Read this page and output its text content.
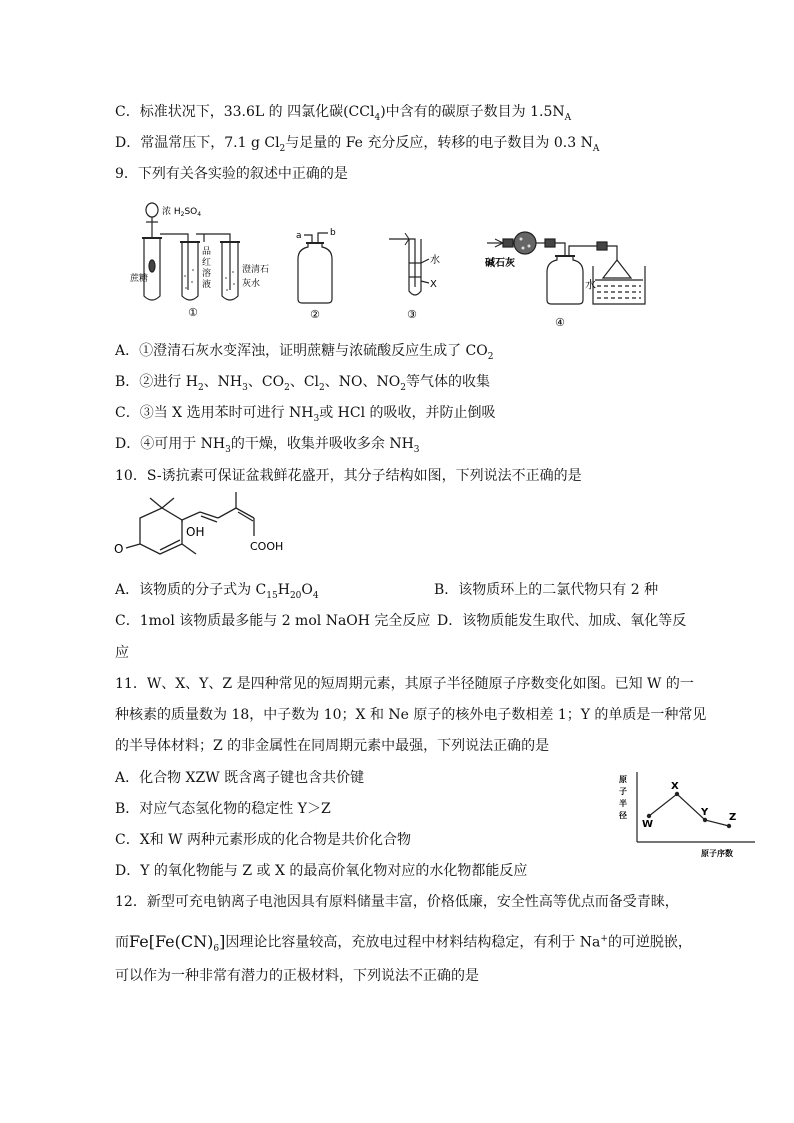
C．标准状况下，33.6L 的 四氯化碳(CCl$_4$)中含有的碳原子数目为 $1.5N_A$
D．常温常压下，7.1 g $Cl_2$与足量的 Fe 充分反应，转移的电子数目为 0.3 $N_A$
9．下列有关各实验的叙述中正确的是
浓 $H_2SO_4$
蔗糖
品
红
溶
液
澄清石
灰水
①
a	b
②
水
X
③
碱石灰
水
④
A．①澄清石灰水变浑浊，证明蔗糖与浓硫酸反应生成了 $CO_2$
B．②进行 $H_2$、$NH_3$、$CO_2$、$Cl_2$、NO、$NO_2$等气体的收集
C．③当 X 选用苯时可进行 $NH_3$或 HCl 的吸收，并防止倒吸
D．④可用于 $NH_3$的干燥，收集并吸收多余 $NH_3$
10．S-诱抗素可保证盆栽鲜花盛开，其分子结构如图，下列说法不正确的是
O
OH
COOH
A．该物质的分子式为 $C_{15}H_{20}O_4$	B．该物质环上的二氯代物只有 2 种
C．1mol 该物质最多能与 2 mol NaOH 完全反应 D．该物质能发生取代、加成、氧化等反
应
11．W、X、Y、Z 是四种常见的短周期元素，其原子半径随原子序数变化如图。已知 W 的一
种核素的质量数为 18，中子数为 10；X 和 Ne 原子的核外电子数相差 1；Y 的单质是一种常见
的半导体材料；Z 的非金属性在同周期元素中最强，下列说法正确的是
A．化合物 XZW 既含离子键也含共价键
B．对应气态氢化物的稳定性 Y＞Z
C．X和 W 两种元素形成的化合物是共价化合物
D．Y 的氧化物能与 Z 或 X 的最高价氧化物对应的水化物都能反应
原
子
半
径
原子序数
W
X
Y Z
12．新型可充电钠离子电池因具有原料储量丰富，价格低廉，安全性高等优点而备受青睐，
而$Fe[Fe(CN)_6]$因理论比容量较高，充放电过程中材料结构稳定，有利于 Na+的可逆脱嵌，
可以作为一种非常有潜力的正极材料，下列说法不正确的是
